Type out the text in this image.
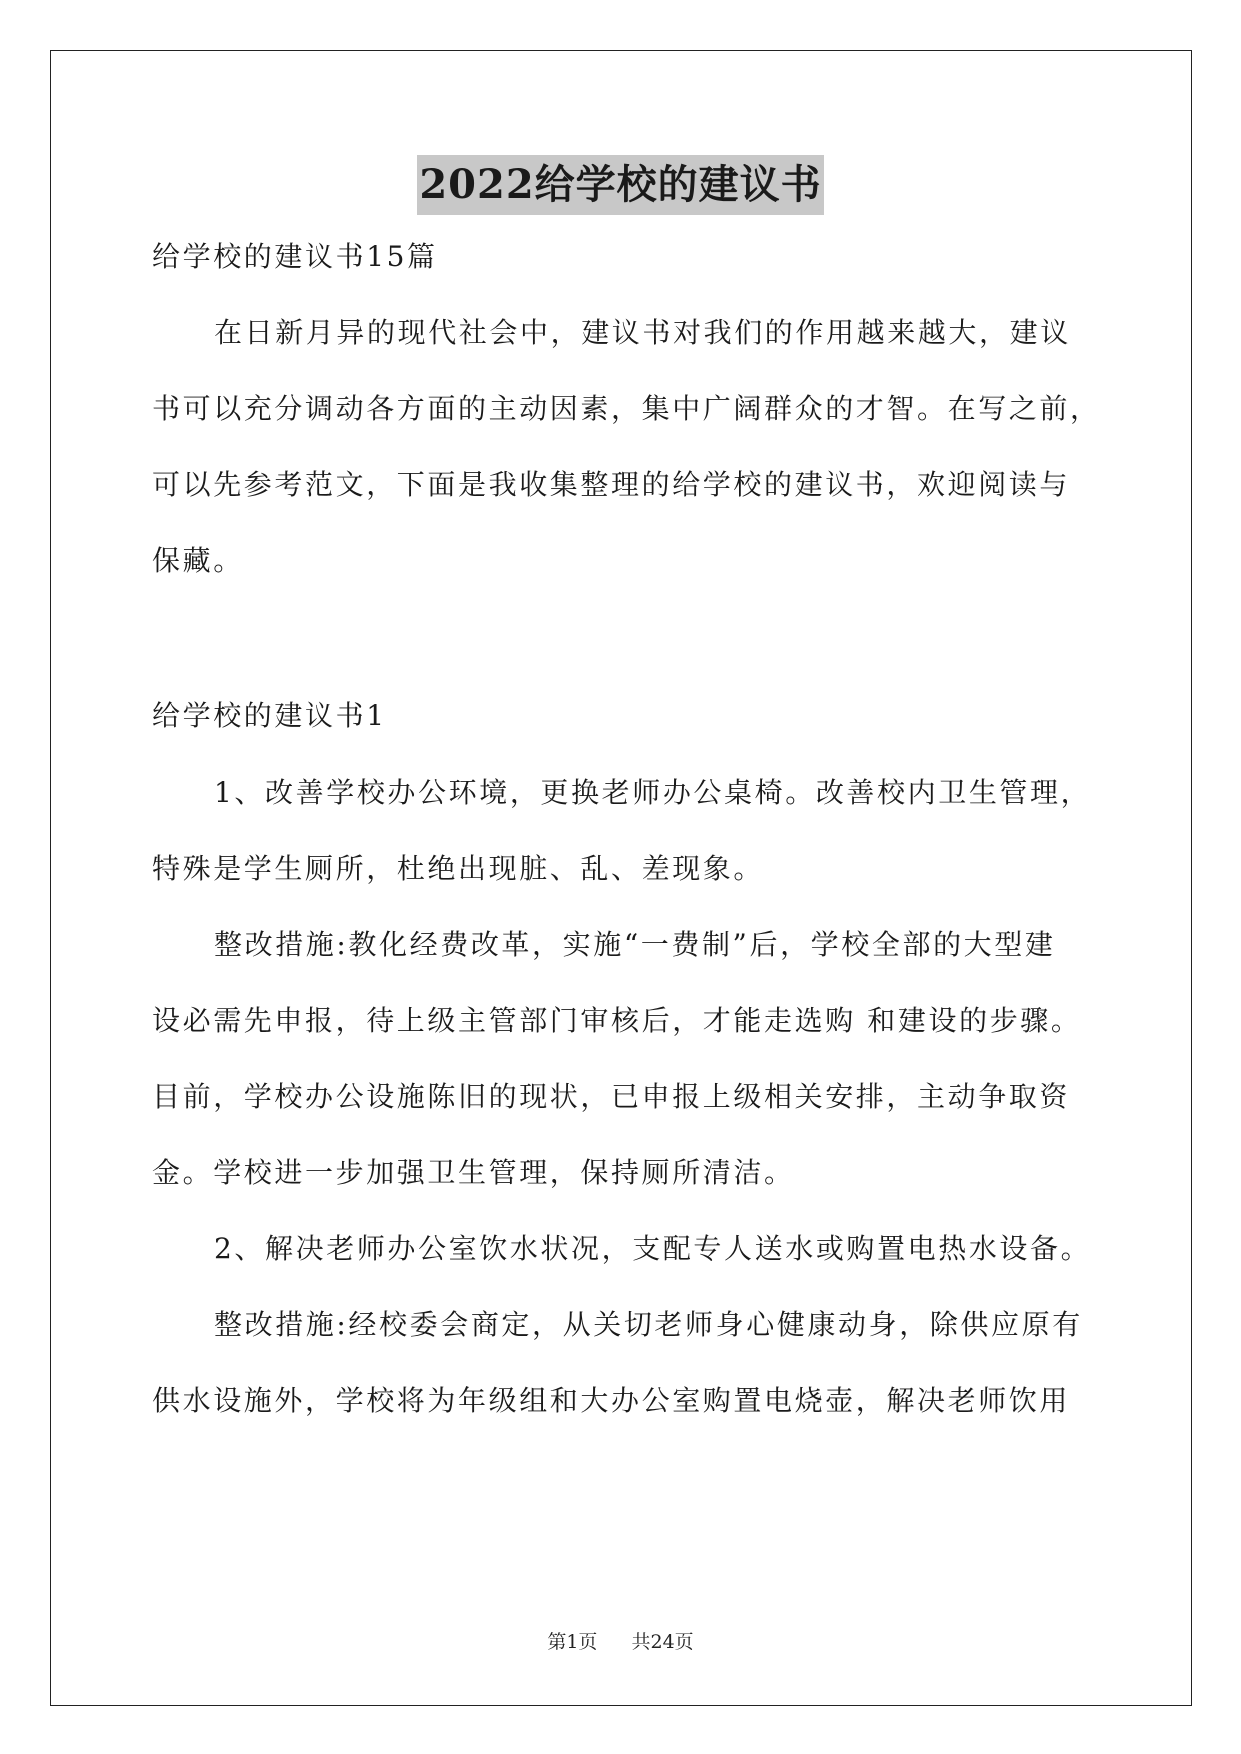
2022给学校的建议书
给学校的建议书15篇
在日新月异的现代社会中，建议书对我们的作用越来越大，建议
书可以充分调动各方面的主动因素，集中广阔群众的才智。在写之前，
可以先参考范文，下面是我收集整理的给学校的建议书，欢迎阅读与
保藏。
给学校的建议书1
1、改善学校办公环境，更换老师办公桌椅。改善校内卫生管理，
特殊是学生厕所，杜绝出现脏、乱、差现象。
整改措施:教化经费改革，实施“一费制”后，学校全部的大型建
设必需先申报，待上级主管部门审核后，才能走选购 和建设的步骤。
目前，学校办公设施陈旧的现状，已申报上级相关安排，主动争取资
金。学校进一步加强卫生管理，保持厕所清洁。
2、解决老师办公室饮水状况，支配专人送水或购置电热水设备。
整改措施:经校委会商定，从关切老师身心健康动身，除供应原有
供水设施外，学校将为年级组和大办公室购置电烧壶，解决老师饮用
第1页 共24页
